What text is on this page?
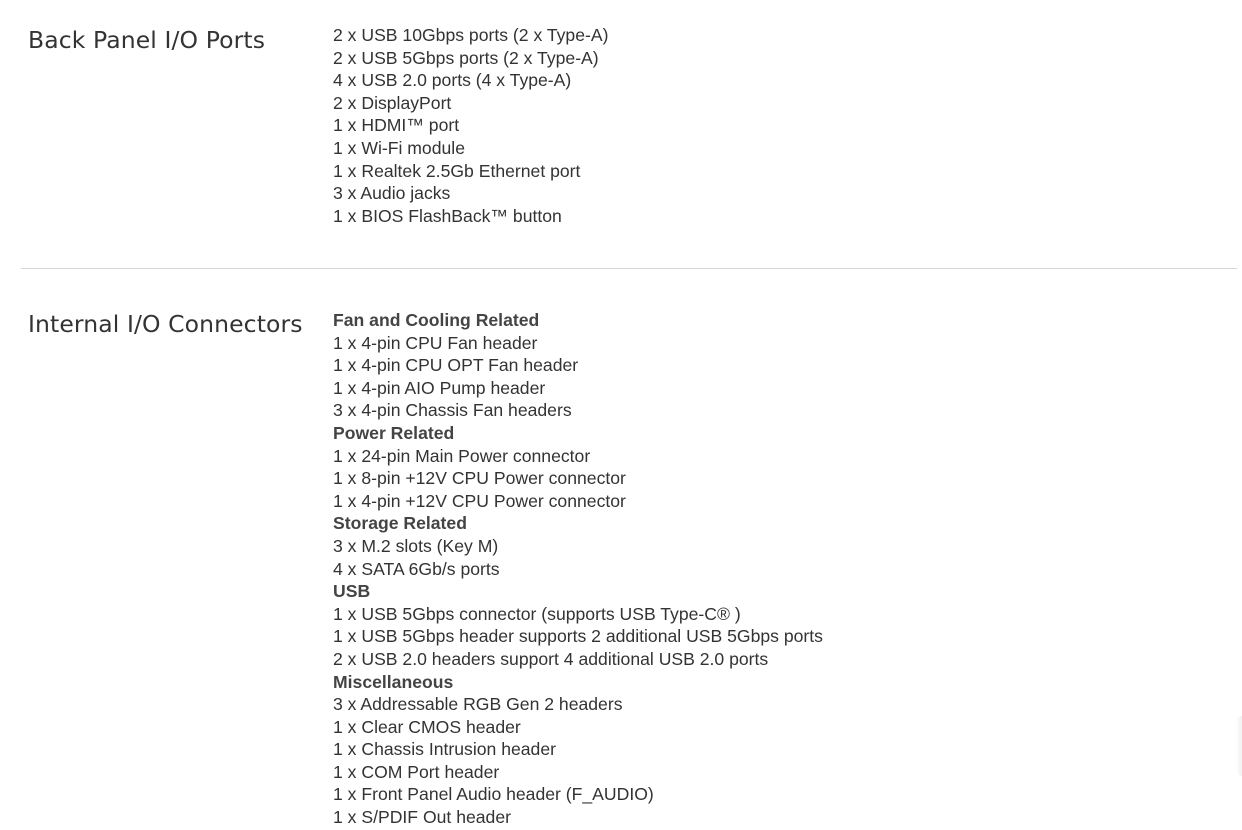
Back Panel I/O Ports	2 x USB 10Gbps ports (2 x Type-A)
2 x USB 5Gbps ports (2 x Type-A)
4 x USB 2.0 ports (4 x Type-A)
2 x DisplayPort
1 x HDMI™ port
1 x Wi-Fi module
1 x Realtek 2.5Gb Ethernet port
3 x Audio jacks
1 x BIOS FlashBack™ button
Internal I/O Connectors Fan and Cooling Related
1 x 4-pin CPU Fan header
1 x 4-pin CPU OPT Fan header
1 x 4-pin AIO Pump header
3 x 4-pin Chassis Fan headers
Power Related
1 x 24-pin Main Power connector
1 x 8-pin +12V CPU Power connector
1 x 4-pin +12V CPU Power connector
Storage Related
3 x M.2 slots (Key M)
4 x SATA 6Gb/s ports
USB
1 x USB 5Gbps connector (supports USB Type-C® )
1 x USB 5Gbps header supports 2 additional USB 5Gbps ports
2 x USB 2.0 headers support 4 additional USB 2.0 ports
Miscellaneous
3 x Addressable RGB Gen 2 headers
1 x Clear CMOS header
1 x Chassis Intrusion header
1 x COM Port header
1 x Front Panel Audio header (F_AUDIO)
1 x S/PDIF Out header
